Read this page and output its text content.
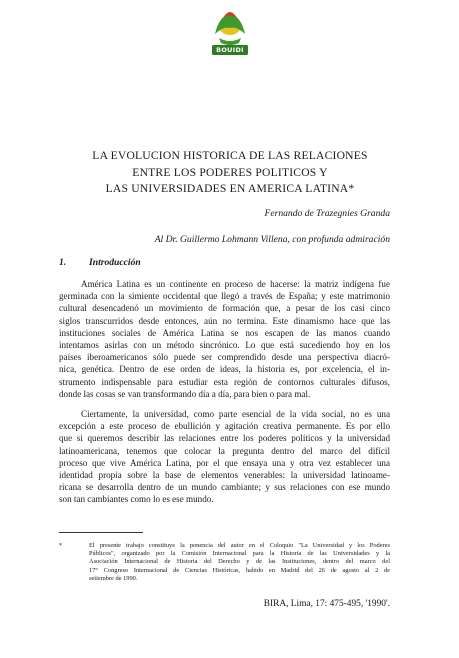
BOUIDI
LA EVOLUCION HISTORICA DE LAS RELACIONES
ENTRE LOS PODERES POLITICOS Y
LAS UNIVERSIDADES EN AMERICA LATINA*
Fernando de Trazegnies Granda
Al Dr. Guillermo Lohmann Villena, con profunda admiración
1. Introducción
América Latina es un continente en proceso de hacerse: la matriz indígena fue
germinada con la simiente occidental que llegó a través de España; y este matrimonio
cultural desencadenó un movimiento de formación que, a pesar de los casi cinco
siglos transcurridos desde entonces, aún no termina. Este dinamismo hace que las
instituciones sociales de América Latina se nos escapen de las manos cuando
intentamos asirlas con un método sincrónico. Lo que está sucediendo hoy en los
países iberoamericanos sólo puede ser comprendido desde una perspectiva diacró-
nica, genética. Dentro de ese orden de ideas, la historia es, por excelencia, el in-
strumento indispensable para estudiar esta región de contornos culturales difusos,
donde las cosas se van transformando día a día, para bien o para mal.
Ciertamente, la universidad, como parte esencial de la vida social, no es una
excepción a este proceso de ebullición y agitación creativa permanente. Es por ello
que si queremos describir las relaciones entre los poderes políticos y la universidad
latinoamericana, tenemos que colocar la pregunta dentro del marco del difícil
proceso que vive América Latina, por el que ensaya una y otra vez establecer una
identidad propia sobre la base de elementos venerables: la universidad latinoame-
ricana se desarrolla dentro de un mundo cambiante; y sus relaciones con ese mundo
son tan cambiantes como lo es ese mundo.
*	El presente trabajo constituye la ponencia del autor en el Coloquio "La Universidad y los Poderes
Públicos", organizado por la Comisión Internacional para la Historia de las Universidades y la
Asociación Internacional de Historia del Derecho y de las Instituciones, dentro del marco del
17° Congreso Internacional de Ciencias Históricas, habido en Madrid del 26 de agosto al 2 de
setiembre de 1990.
BIRA, Lima, 17: 475-495, '1990'.
